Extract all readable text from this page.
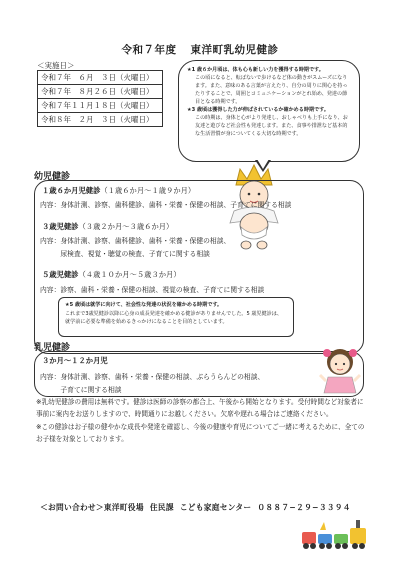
令和７年度 東洋町乳幼児健診
＜実施日＞
令和７年　６月　３日（火曜日）
令和７年　８月２６日（火曜日）
令和７年１１月１８日（火曜日）
令和８年　２月　３日（火曜日）
★1 歳６か月頃は、体も心も新しい力を獲得する時期です。
この頃になると、転ばないで歩けるなど体の動きがスムーズになります。また、意味のある言葉が言えたり、自分の周りに関心を持ったりすることで、周囲とコミュニケーションがとれ始め、発達の節目となる時期です。
★3 歳頃は獲得した力が伸ばされているか確かめる時期です。
この時期は、身体と心がより発達し、おしゃべりも上手になり、お友達と遊びなど社会性も発達します。また、食事や排泄など基本的な生活習慣が身についてくる大切な時期です。
幼児健診
１歳６か月児健診（１歳６か月〜１歳９か月）
内容：身体計測、診察、歯科健診、歯科・栄養・保健の相談、子育てに関する相談
３歳児健診（３歳２か月〜３歳６か月）
内容：身体計測、診察、歯科健診、歯科・栄養・保健の相談、
　　　尿検査、視覚・聴覚の検査、子育てに関する相談
５歳児健診（４歳１０か月〜５歳３か月）
内容：診察、歯科・栄養・保健の相談、視覚の検査、子育てに関する相談
★5 歳頃は就学に向けて、社会性な発達の状況を確かめる時期です。
これまで3歳児健診以降に心身の成長発達を確かめる健診がありませんでした。5 歳児健診は、就学前に必要な準備を始めるきっかけになることを目的としています。
乳児健診
３か月〜１２か月児
内容：身体計測、診察、歯科・栄養・保健の相談、ぶらうらんどの相談、
　　　子育てに関する相談

※乳幼児健診の費用は無料です。健診は医師の診察の都合上、午後から開始となります。受付時間など対象者に事前に案内をお送りしますので、時間通りにお越しください。欠席や遅れる場合はご連絡ください。

※この健診はお子様の健やかな成長や発達を確認し、今後の健康や育児についてご一緒に考えるために、全てのお子様を対象としております。

＜お問い合わせ＞東洋町役場 住民課 こども家庭センター ０８８７−２９−３３９４
